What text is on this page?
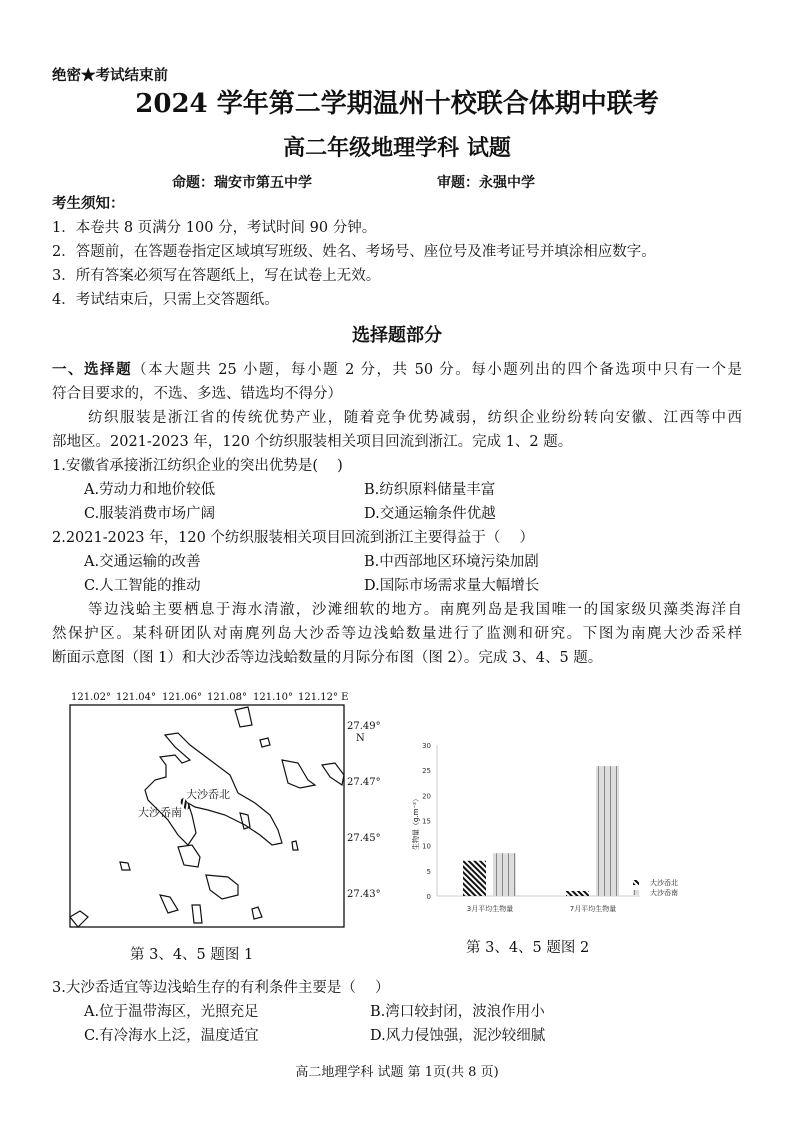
绝密★考试结束前
2024 学年第二学期温州十校联合体期中联考
高二年级地理学科 试题
命题：瑞安市第五中学	审题：永强中学
考生须知：
1．本卷共 8 页满分 100 分，考试时间 90 分钟。
2．答题前，在答题卷指定区域填写班级、姓名、考场号、座位号及准考证号并填涂相应数字。
3．所有答案必须写在答题纸上，写在试卷上无效。
4．考试结束后，只需上交答题纸。
选择题部分
一、选择题（本大题共 25 小题，每小题 2 分，共 50 分。每小题列出的四个备选项中只有一个是
符合目要求的，不选、多选、错选均不得分）
纺织服装是浙江省的传统优势产业，随着竞争优势减弱，纺织企业纷纷转向安徽、江西等中西
部地区。2021-2023 年，120 个纺织服装相关项目回流到浙江。完成 1、2 题。
1.安徽省承接浙江纺织企业的突出优势是(　 )
A.劳动力和地价较低	B.纺织原料储量丰富
C.服装消费市场广阔	D.交通运输条件优越
2.2021-2023 年，120 个纺织服装相关项目回流到浙江主要得益于（　 ）
A.交通运输的改善	B.中西部地区环境污染加剧
C.人工智能的推动	D.国际市场需求量大幅增长
等边浅蛤主要栖息于海水清澈，沙滩细软的地方。南麂列岛是我国唯一的国家级贝藻类海洋自
然保护区。某科研团队对南麂列岛大沙岙等边浅蛤数量进行了监测和研究。下图为南麂大沙岙采样
断面示意图（图 1）和大沙岙等边浅蛤数量的月际分布图（图 2）。完成 3、4、5 题。
121.02° 121.04° 121.06° 121.08° 121.10° 121.12° E
27.49°
N
27.47°
27.45°
27.43°
大沙岙北
大沙岙南
第 3、4、5 题图 1
0
5
10
15
20
25
30
3月平均生物量	7月平均生物量
大沙岙北
大沙岙南
生物量（g.m⁻²）
第 3、4、5 题图 2
3.大沙岙适宜等边浅蛤生存的有利条件主要是（　 ）
A.位于温带海区，光照充足	B.湾口较封闭，波浪作用小
C.有冷海水上泛，温度适宜	D.风力侵蚀强，泥沙较细腻
高二地理学科 试题 第 1页(共 8 页)
